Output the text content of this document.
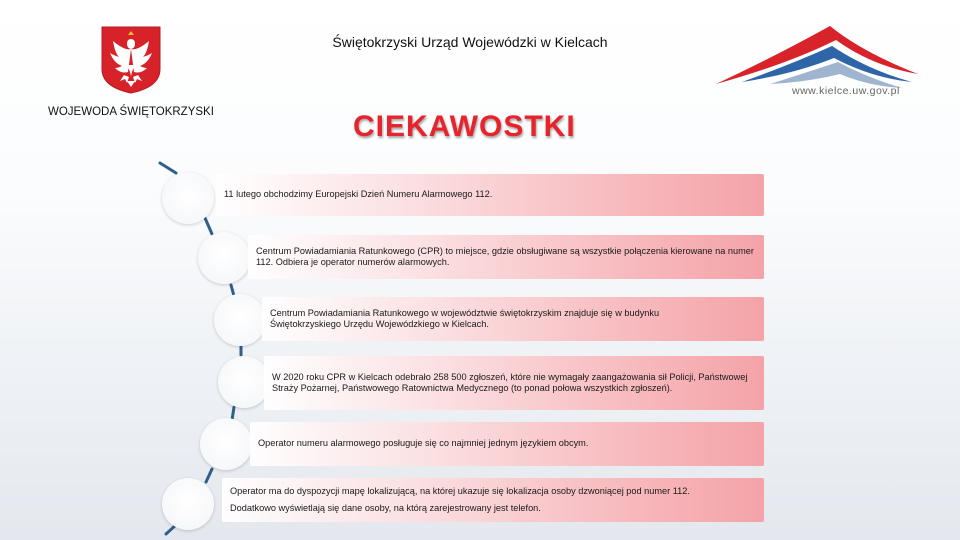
Świętokrzyski Urząd Wojewódzki w Kielcach
WOJEWODA ŚWIĘTOKRZYSKI	CIEKAWOSTKI
www.kielce.uw.gov.pl
11 lutego obchodzimy Europejski Dzień Numeru Alarmowego 112.
Centrum Powiadamiania Ratunkowego (CPR) to miejsce, gdzie obsługiwane są wszystkie połączenia kierowane na numer 112. Odbiera je operator numerów alarmowych.
Centrum Powiadamiania Ratunkowego w województwie świętokrzyskim znajduje się w budynku Świętokrzyskiego Urzędu Wojewódzkiego w Kielcach.
W 2020 roku CPR w Kielcach odebrało 258 500 zgłoszeń, które nie wymagały zaangażowania sił Policji, Państwowej Straży Pożarnej, Państwowego Ratownictwa Medycznego (to ponad połowa wszystkich zgłoszeń).
Operator numeru alarmowego posługuje się co najmniej jednym językiem obcym.
Operator ma do dyspozycji mapę lokalizującą, na której ukazuje się lokalizacja osoby dzwoniącej pod numer 112.
Dodatkowo wyświetlają się dane osoby, na którą zarejestrowany jest telefon.
